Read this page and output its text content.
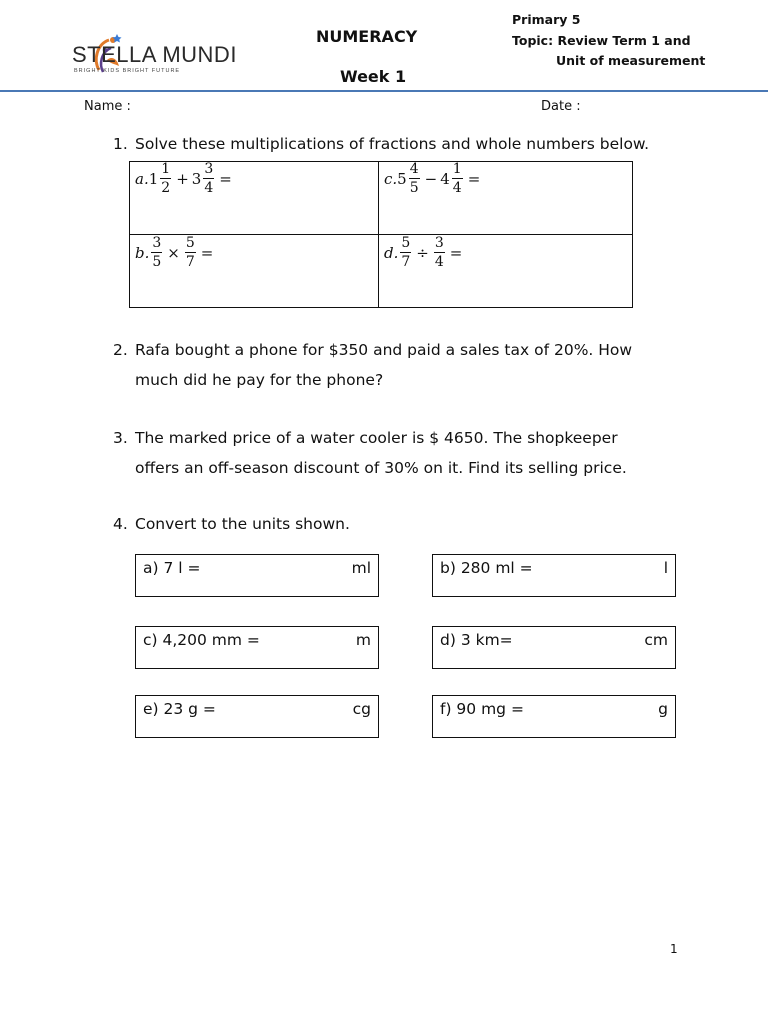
STELLA MUNDI
BRIGHT KIDS BRIGHT FUTURE
NUMERACY
Week 1
Primary 5
Topic: Review Term 1 and
Unit of measurement
Name :	Date :
1. Solve these multiplications of fractions and whole numbers below.
a. $1 \frac{1}{2} + 3 \frac{3}{4}$ =	c. $5 \frac{4}{5} - 4 \frac{1}{4}$ =
b. $\frac{3}{5} \times \frac{5}{7}$ =	d. $\frac{5}{7} \div \frac{3}{4}$ =
2. Rafa bought a phone for $350 and paid a sales tax of 20%. How
much did he pay for the phone?
3. The marked price of a water cooler is $ 4650. The shopkeeper
offers an off-season discount of 30% on it. Find its selling price.
4. Convert to the units shown.
a) 7 l =	ml	b) 280 ml =	l
c) 4,200 mm =	m	d) 3 km=	cm
e) 23 g =	cg	f) 90 mg =	g
1
